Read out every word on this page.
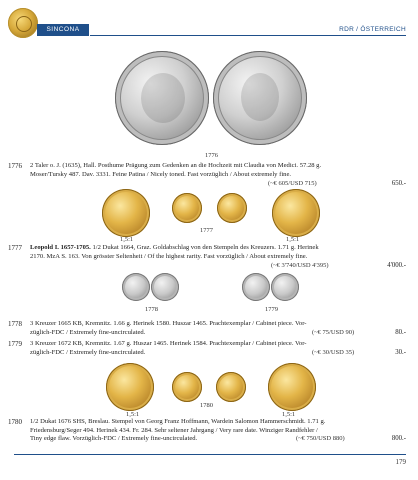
SINCONA	RDR / ÖSTERREICH
1776
1776 2 Taler o. J. (1635), Hall. Posthume Prägung zum Gedenken an die Hochzeit mit Claudia von Medici. 57.28 g.
Moser/Tursky 487. Dav. 3331. Feine Patina / Nicely toned. Fast vorzüglich / About extremely fine.
(~€ 605/USD 715)	650.-
1,5:1
1777
1,5:1
1777 Leopold I. 1657-1705. 1/2 Dukat 1664, Graz. Goldabschlag von den Stempeln des Kreuzers. 1.71 g. Herinek
2170. MzA S. 163. Von grösster Seltenheit / Of the highest rarity. Fast vorzüglich / About extremely fine.
(~€ 3'740/USD 4'395)	4'000.-
1778	1779
1778 3 Kreuzer 1665 KB, Kremnitz. 1.66 g. Herinek 1580. Huszar 1465. Prachtexemplar / Cabinet piece. Vor-
züglich-FDC / Extremely fine-uncirculated.	(~€ 75/USD 90)	80.-
1779 3 Kreuzer 1672 KB, Kremnitz. 1.67 g. Huszar 1465. Herinek 1584. Prachtexemplar / Cabinet piece. Vor-
züglich-FDC / Extremely fine-uncirculated.	(~€ 30/USD 35)	30.-
1780
1,5:1	1,5:1
1780 1/2 Dukat 1676 SHS, Breslau. Stempel von Georg Franz Hoffmann, Wardein Salomon Hammerschmidt. 1.71 g.
Friedensburg/Seger 494. Herinek 434. Fr. 284. Sehr seltener Jahrgang / Very rare date. Winziger Randfehler /
Tiny edge flaw. Vorzüglich-FDC / Extremely fine-uncirculated.	(~€ 750/USD 880)	800.-
179
